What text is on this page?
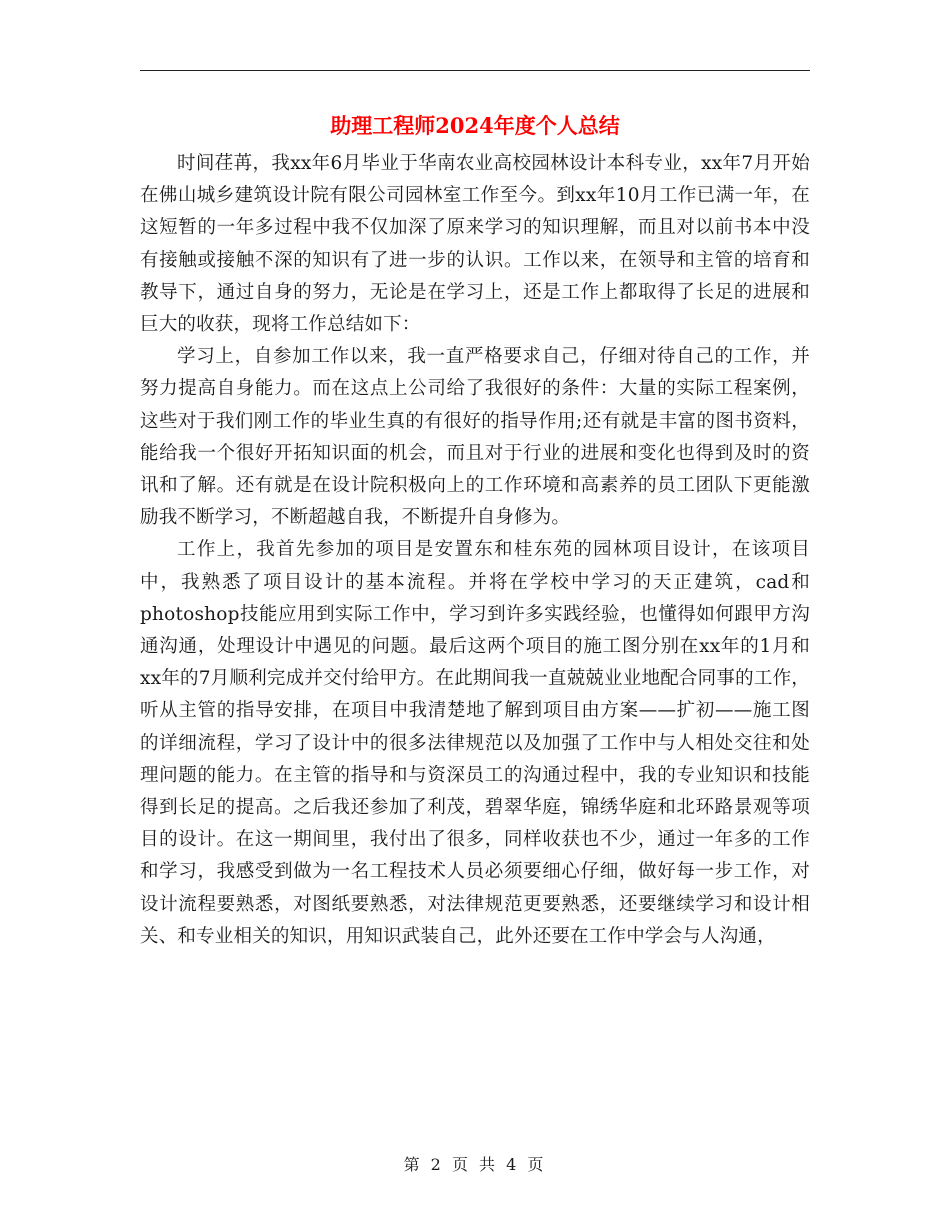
助理工程师2024年度个人总结

时间荏苒，我xx年6月毕业于华南农业高校园林设计本科专业，xx年7月开始在佛山城乡建筑设计院有限公司园林室工作至今。到xx年10月工作已满一年，在这短暂的一年多过程中我不仅加深了原来学习的知识理解，而且对以前书本中没有接触或接触不深的知识有了进一步的认识。工作以来，在领导和主管的培育和教导下，通过自身的努力，无论是在学习上，还是工作上都取得了长足的进展和巨大的收获，现将工作总结如下：

学习上，自参加工作以来，我一直严格要求自己，仔细对待自己的工作，并努力提高自身能力。而在这点上公司给了我很好的条件：大量的实际工程案例，这些对于我们刚工作的毕业生真的有很好的指导作用;还有就是丰富的图书资料，能给我一个很好开拓知识面的机会，而且对于行业的进展和变化也得到及时的资讯和了解。还有就是在设计院积极向上的工作环境和高素养的员工团队下更能激励我不断学习，不断超越自我，不断提升自身修为。

工作上，我首先参加的项目是安置东和桂东苑的园林项目设计，在该项目中，我熟悉了项目设计的基本流程。并将在学校中学习的天正建筑，cad和photoshop技能应用到实际工作中，学习到许多实践经验，也懂得如何跟甲方沟通沟通，处理设计中遇见的问题。最后这两个项目的施工图分别在xx年的1月和xx年的7月顺利完成并交付给甲方。在此期间我一直兢兢业业地配合同事的工作，听从主管的指导安排，在项目中我清楚地了解到项目由方案——扩初——施工图的详细流程，学习了设计中的很多法律规范以及加强了工作中与人相处交往和处理问题的能力。在主管的指导和与资深员工的沟通过程中，我的专业知识和技能得到长足的提高。之后我还参加了利茂，碧翠华庭，锦绣华庭和北环路景观等项目的设计。在这一期间里，我付出了很多，同样收获也不少，通过一年多的工作和学习，我感受到做为一名工程技术人员必须要细心仔细，做好每一步工作，对设计流程要熟悉，对图纸要熟悉，对法律规范更要熟悉，还要继续学习和设计相关、和专业相关的知识，用知识武装自己，此外还要在工作中学会与人沟通，

第 2 页 共 4 页
